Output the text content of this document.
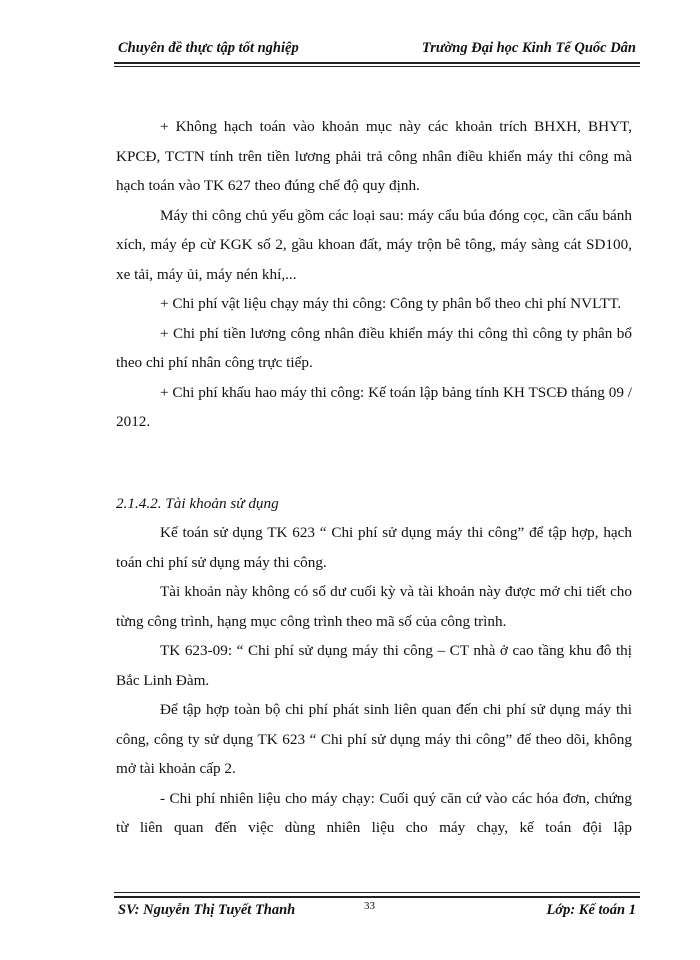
Chuyên đề thực tập tốt nghiệp	Trường Đại học Kinh Tế Quốc Dân

+ Không hạch toán vào khoản mục này các khoản trích BHXH, BHYT, KPCĐ, TCTN tính trên tiền lương phải trả công nhân điều khiển máy thi công mà hạch toán vào TK 627 theo đúng chế độ quy định.

Máy thi công chủ yếu gồm các loại sau: máy cẩu búa đóng cọc, cần cẩu bánh xích, máy ép cừ KGK số 2, gầu khoan đất, máy trộn bê tông, máy sàng cát SD100, xe tải, máy ủi, máy nén khí,...

+ Chi phí vật liệu chạy máy thi công: Công ty phân bổ theo chi phí NVLTT.

+ Chi phí tiền lương công nhân điều khiển máy thi công thì công ty phân bổ theo chi phí nhân công trực tiếp.

+ Chi phí khấu hao máy thi công: Kế toán lập bảng tính KH TSCĐ tháng 09 / 2012.

2.1.4.2. Tài khoản sử dụng

Kế toán sử dụng TK 623 “ Chi phí sử dụng máy thi công” để tập hợp, hạch toán chi phí sử dụng máy thi công.

Tài khoản này không có số dư cuối kỳ và tài khoản này được mở chi tiết cho từng công trình, hạng mục công trình theo mã số của công trình.

TK 623-09: “ Chi phí sử dụng máy thi công – CT nhà ở cao tầng khu đô thị Bắc Linh Đàm.

Để tập hợp toàn bộ chi phí phát sinh liên quan đến chi phí sử dụng máy thi công, công ty sử dụng TK 623 “ Chi phí sử dụng máy thi công” để theo dõi, không mở tài khoản cấp 2.

- Chi phí nhiên liệu cho máy chạy: Cuối quý căn cứ vào các hóa đơn, chứng từ liên quan đến việc dùng nhiên liệu cho máy chạy, kế toán đội lập

SV: Nguyễn Thị Tuyết Thanh	33	Lớp: Kế toán 1
